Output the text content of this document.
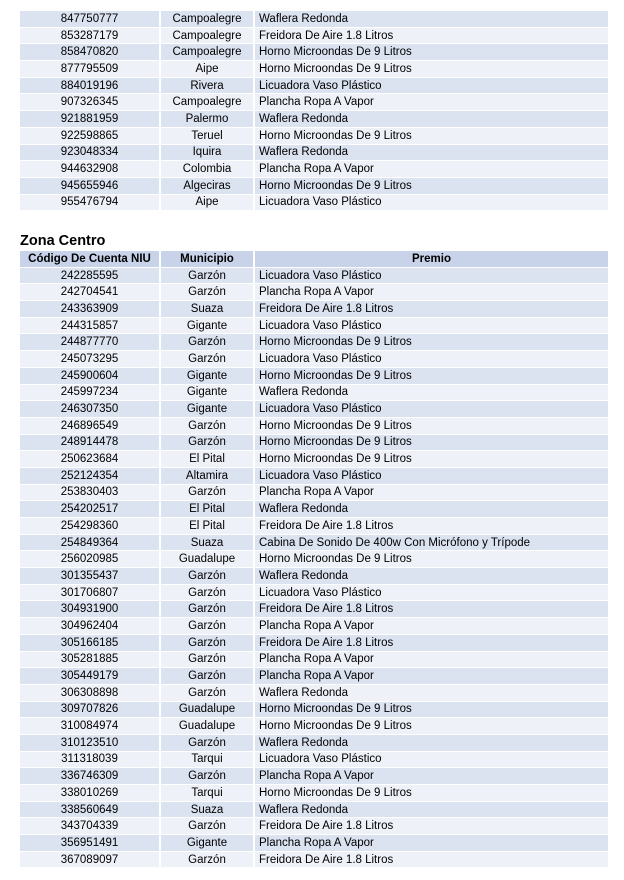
847750777	Campoalegre	Waflera Redonda
853287179	Campoalegre	Freidora De Aire 1.8 Litros
858470820	Campoalegre	Horno Microondas De 9 Litros
877795509	Aipe	Horno Microondas De 9 Litros
884019196	Rivera	Licuadora Vaso Plástico
907326345	Campoalegre	Plancha Ropa A Vapor
921881959	Palermo	Waflera Redonda
922598865	Teruel	Horno Microondas De 9 Litros
923048334	Iquira	Waflera Redonda
944632908	Colombia	Plancha Ropa A Vapor
945655946	Algeciras	Horno Microondas De 9 Litros
955476794	Aipe	Licuadora Vaso Plástico
Zona Centro
Código De Cuenta NIU	Municipio	Premio
242285595	Garzón	Licuadora Vaso Plástico
242704541	Garzón	Plancha Ropa A Vapor
243363909	Suaza	Freidora De Aire 1.8 Litros
244315857	Gigante	Licuadora Vaso Plástico
244877770	Garzón	Horno Microondas De 9 Litros
245073295	Garzón	Licuadora Vaso Plástico
245900604	Gigante	Horno Microondas De 9 Litros
245997234	Gigante	Waflera Redonda
246307350	Gigante	Licuadora Vaso Plástico
246896549	Garzón	Horno Microondas De 9 Litros
248914478	Garzón	Horno Microondas De 9 Litros
250623684	El Pital	Horno Microondas De 9 Litros
252124354	Altamira	Licuadora Vaso Plástico
253830403	Garzón	Plancha Ropa A Vapor
254202517	El Pital	Waflera Redonda
254298360	El Pital	Freidora De Aire 1.8 Litros
254849364	Suaza	Cabina De Sonido De 400w Con Micrófono y Trípode
256020985	Guadalupe	Horno Microondas De 9 Litros
301355437	Garzón	Waflera Redonda
301706807	Garzón	Licuadora Vaso Plástico
304931900	Garzón	Freidora De Aire 1.8 Litros
304962404	Garzón	Plancha Ropa A Vapor
305166185	Garzón	Freidora De Aire 1.8 Litros
305281885	Garzón	Plancha Ropa A Vapor
305449179	Garzón	Plancha Ropa A Vapor
306308898	Garzón	Waflera Redonda
309707826	Guadalupe	Horno Microondas De 9 Litros
310084974	Guadalupe	Horno Microondas De 9 Litros
310123510	Garzón	Waflera Redonda
311318039	Tarqui	Licuadora Vaso Plástico
336746309	Garzón	Plancha Ropa A Vapor
338010269	Tarqui	Horno Microondas De 9 Litros
338560649	Suaza	Waflera Redonda
343704339	Garzón	Freidora De Aire 1.8 Litros
356951491	Gigante	Plancha Ropa A Vapor
367089097	Garzón	Freidora De Aire 1.8 Litros
